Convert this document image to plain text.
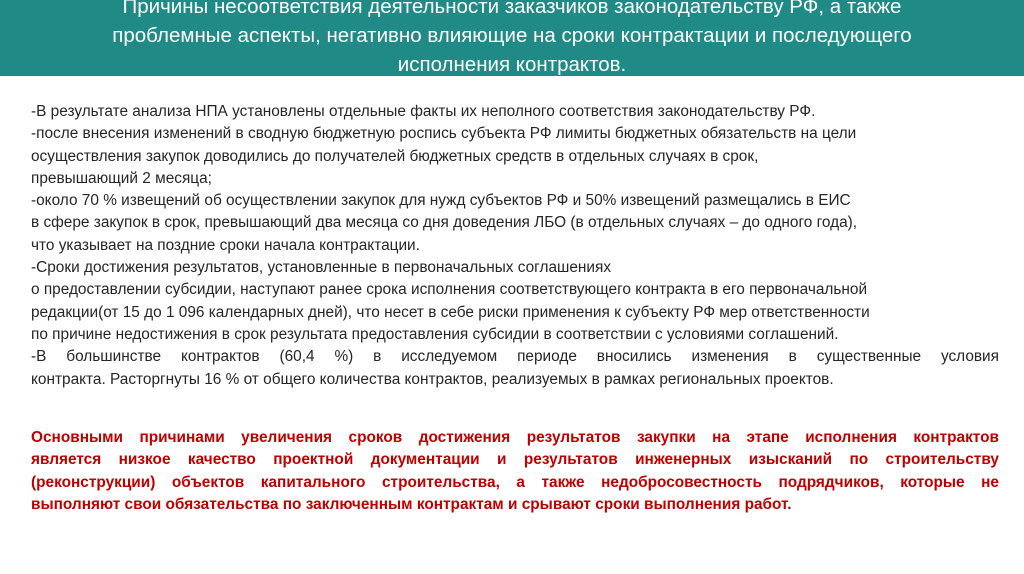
Причины несоответствия деятельности заказчиков законодательству РФ, а также
проблемные аспекты, негативно влияющие на сроки контрактации и последующего
исполнения контрактов.
-В результате анализа НПА установлены отдельные факты их неполного соответствия законодательству РФ.
-после внесения изменений в сводную бюджетную роспись субъекта РФ лимиты бюджетных обязательств на цели
осуществления закупок доводились до получателей бюджетных средств в отдельных случаях в срок,
превышающий 2 месяца;
-около 70 % извещений об осуществлении закупок для нужд субъектов РФ и 50% извещений размещались в ЕИС
в сфере закупок в срок, превышающий два месяца со дня доведения ЛБО (в отдельных случаях – до одного года),
что указывает на поздние сроки начала контрактации.
-Сроки достижения результатов, установленные в первоначальных соглашениях
о предоставлении субсидии, наступают ранее срока исполнения соответствующего контракта в его первоначальной
редакции(от 15 до 1 096 календарных дней), что несет в себе риски применения к субъекту РФ мер ответственности
по причине недостижения в срок результата предоставления субсидии в соответствии с условиями соглашений.
-В большинстве контрактов (60,4 %) в исследуемом периоде вносились изменения в существенные условия
контракта. Расторгнуты 16 % от общего количества контрактов, реализуемых в рамках региональных проектов.
Основными причинами увеличения сроков достижения результатов закупки на этапе исполнения контрактов
является низкое качество проектной документации и результатов инженерных изысканий по строительству
(реконструкции) объектов капитального строительства, а также недобросовестность подрядчиков, которые не
выполняют свои обязательства по заключенным контрактам и срывают сроки выполнения работ.
